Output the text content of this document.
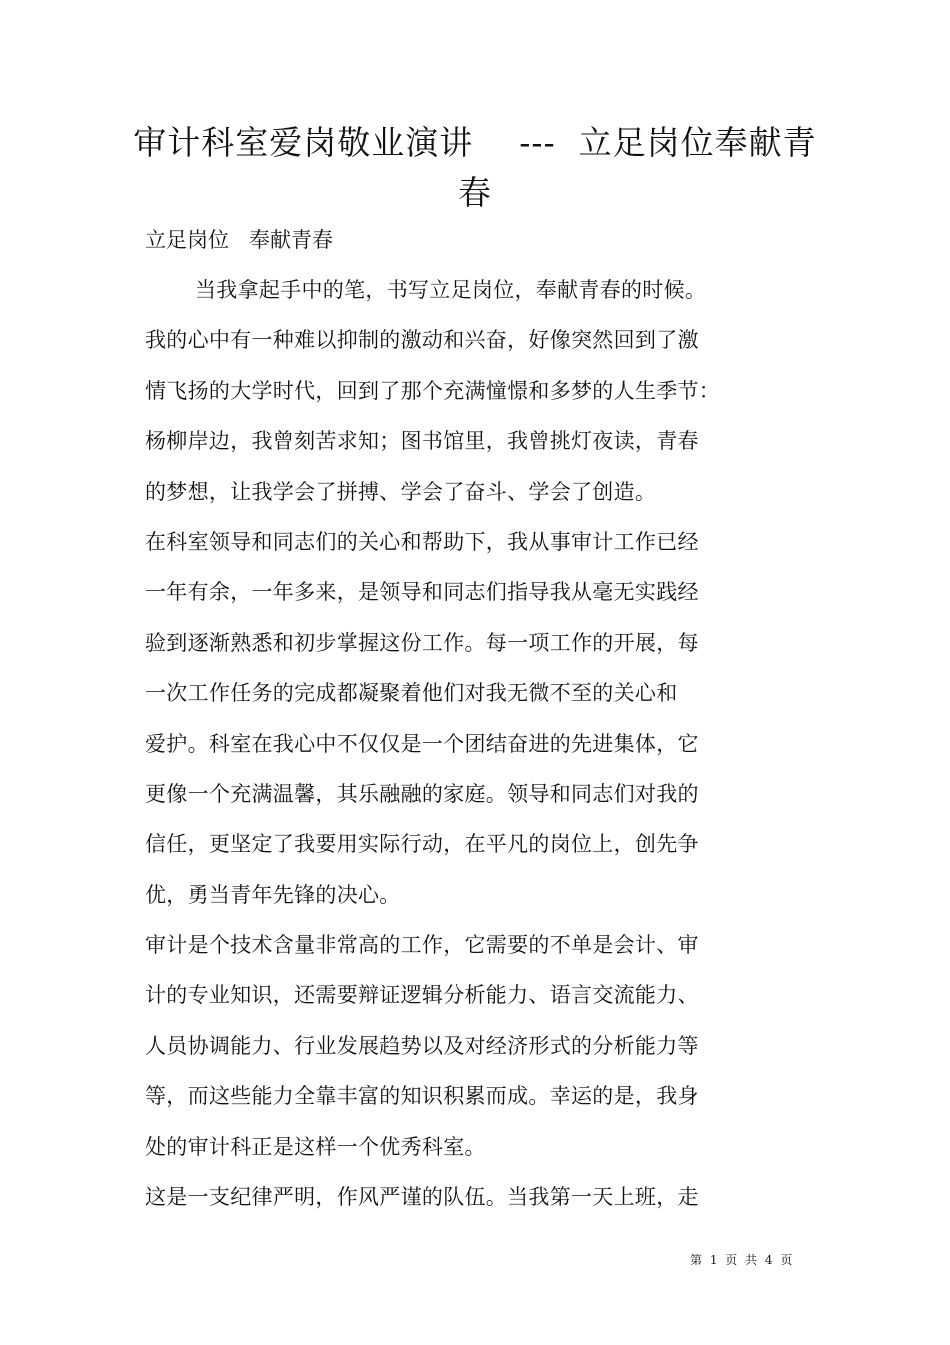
审计科室爱岗敬业演讲    ---  立足岗位奉献青
春

立足岗位   奉献青春

当我拿起手中的笔，书写立足岗位，奉献青春的时候。
我的心中有一种难以抑制的激动和兴奋，好像突然回到了激
情飞扬的大学时代，回到了那个充满憧憬和多梦的人生季节：
杨柳岸边，我曾刻苦求知；图书馆里，我曾挑灯夜读，青春
的梦想，让我学会了拼搏、学会了奋斗、学会了创造。
在科室领导和同志们的关心和帮助下，我从事审计工作已经
一年有余，一年多来，是领导和同志们指导我从毫无实践经
验到逐渐熟悉和初步掌握这份工作。每一项工作的开展，每
一次工作任务的完成都凝聚着他们对我无微不至的关心和
爱护。科室在我心中不仅仅是一个团结奋进的先进集体，它
更像一个充满温馨，其乐融融的家庭。领导和同志们对我的
信任，更坚定了我要用实际行动，在平凡的岗位上，创先争
优，勇当青年先锋的决心。
审计是个技术含量非常高的工作，它需要的不单是会计、审
计的专业知识，还需要辩证逻辑分析能力、语言交流能力、
人员协调能力、行业发展趋势以及对经济形式的分析能力等
等，而这些能力全靠丰富的知识积累而成。幸运的是，我身
处的审计科正是这样一个优秀科室。
这是一支纪律严明，作风严谨的队伍。当我第一天上班，走
第 1 页 共 4 页
